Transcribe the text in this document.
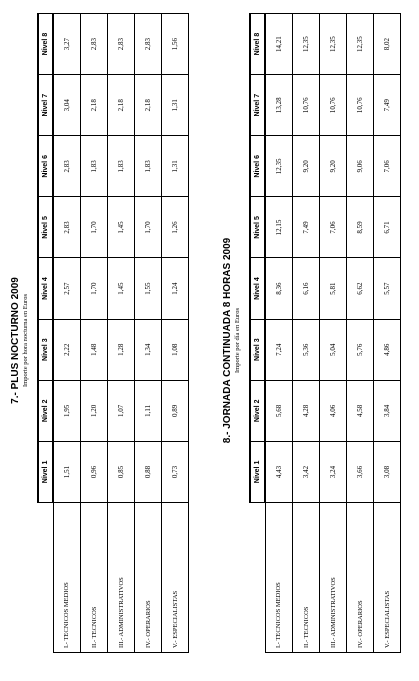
7.- PLUS NOCTURNO 2009 Importe por hora nocturna en Euros
	Nivel 1	Nivel 2	Nivel 3	Nivel 4	Nivel 5	Nivel 6	Nivel 7	Nivel 8
I.- TECNICOS MEDIOS	1,51	1,95	2,22	2,57	2,83	2,83	3,04	3,27
II.- TECNICOS	0,96	1,20	1,48	1,70	1,70	1,83	2,18	2,83
III.- ADMINISTRATIVOS	0,85	1,07	1,28	1,45	1,45	1,83	2,18	2,83
IV.- OPERARIOS	0,88	1,11	1,34	1,55	1,70	1,83	2,18	2,83
V.- ESPECIALISTAS	0,73	0,89	1,08	1,24	1,26	1,31	1,31	1,56
8.- JORNADA CONTINUADA 8 HORAS 2009 Importe por día en Euros
	Nivel 1	Nivel 2	Nivel 3	Nivel 4	Nivel 5	Nivel 6	Nivel 7	Nivel 8
I.- TECNICOS MEDIOS	4,43	5,68	7,24	8,36	12,15	12,35	13,28	14,21
II.- TECNICOS	3,42	4,28	5,36	6,16	7,49	9,20	10,76	12,35
III.- ADMINISTRATIVOS	3,24	4,06	5,04	5,81	7,06	9,20	10,76	12,35
IV.- OPERARIOS	3,66	4,58	5,76	6,62	8,59	9,06	10,76	12,35
V.- ESPECIALISTAS	3,08	3,84	4,86	5,57	6,71	7,06	7,49	8,02
